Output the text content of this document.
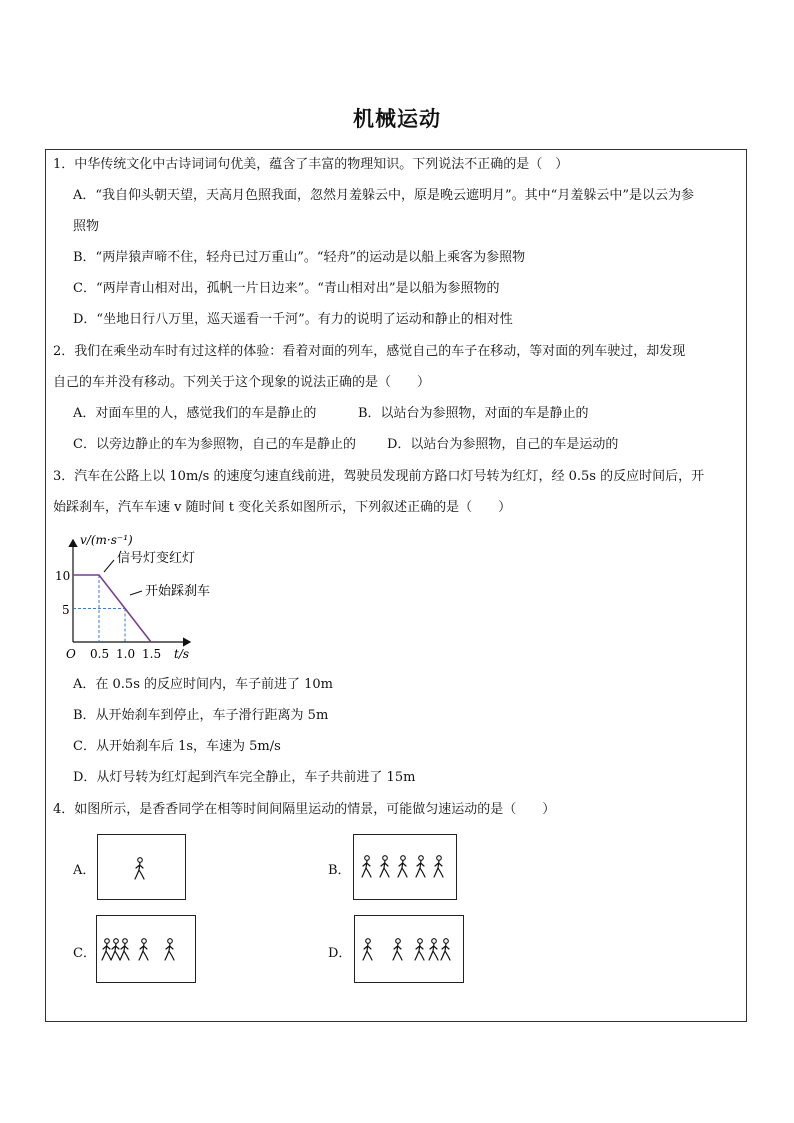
机械运动
1．中华传统文化中古诗词词句优美，蕴含了丰富的物理知识。下列说法不正确的是（　）
A．“我自仰头朝天望，天高月色照我面，忽然月羞躲云中，原是晚云遮明月”。其中“月羞躲云中”是以云为参
照物
B．“两岸猿声啼不住，轻舟已过万重山”。“轻舟”的运动是以船上乘客为参照物
C．“两岸青山相对出，孤帆一片日边来”。“青山相对出”是以船为参照物的
D．“坐地日行八万里，巡天遥看一千河”。有力的说明了运动和静止的相对性
2．我们在乘坐动车时有过这样的体验：看着对面的列车，感觉自己的车子在移动，等对面的列车驶过，却发现
自己的车并没有移动。下列关于这个现象的说法正确的是（　　）
A．对面车里的人，感觉我们的车是静止的	B．以站台为参照物，对面的车是静止的
C．以旁边静止的车为参照物，自己的车是静止的 D．以站台为参照物，自己的车是运动的
3．汽车在公路上以 10m/s 的速度匀速直线前进，驾驶员发现前方路口灯号转为红灯，经 0.5s 的反应时间后，开
始踩刹车，汽车车速 v 随时间 t 变化关系如图所示，下列叙述正确的是（　　）
v/(m·s⁻¹)
信号灯变红灯
开始踩刹车
10
5
O 0.5 1.0 1.5 t/s
A．在 0.5s 的反应时间内，车子前进了 10m
B．从开始刹车到停止，车子滑行距离为 5m
C．从开始刹车后 1s，车速为 5m/s
D．从灯号转为红灯起到汽车完全静止，车子共前进了 15m
4．如图所示，是香香同学在相等时间间隔里运动的情景，可能做匀速运动的是（　　）
A．	B．
C．	D．
